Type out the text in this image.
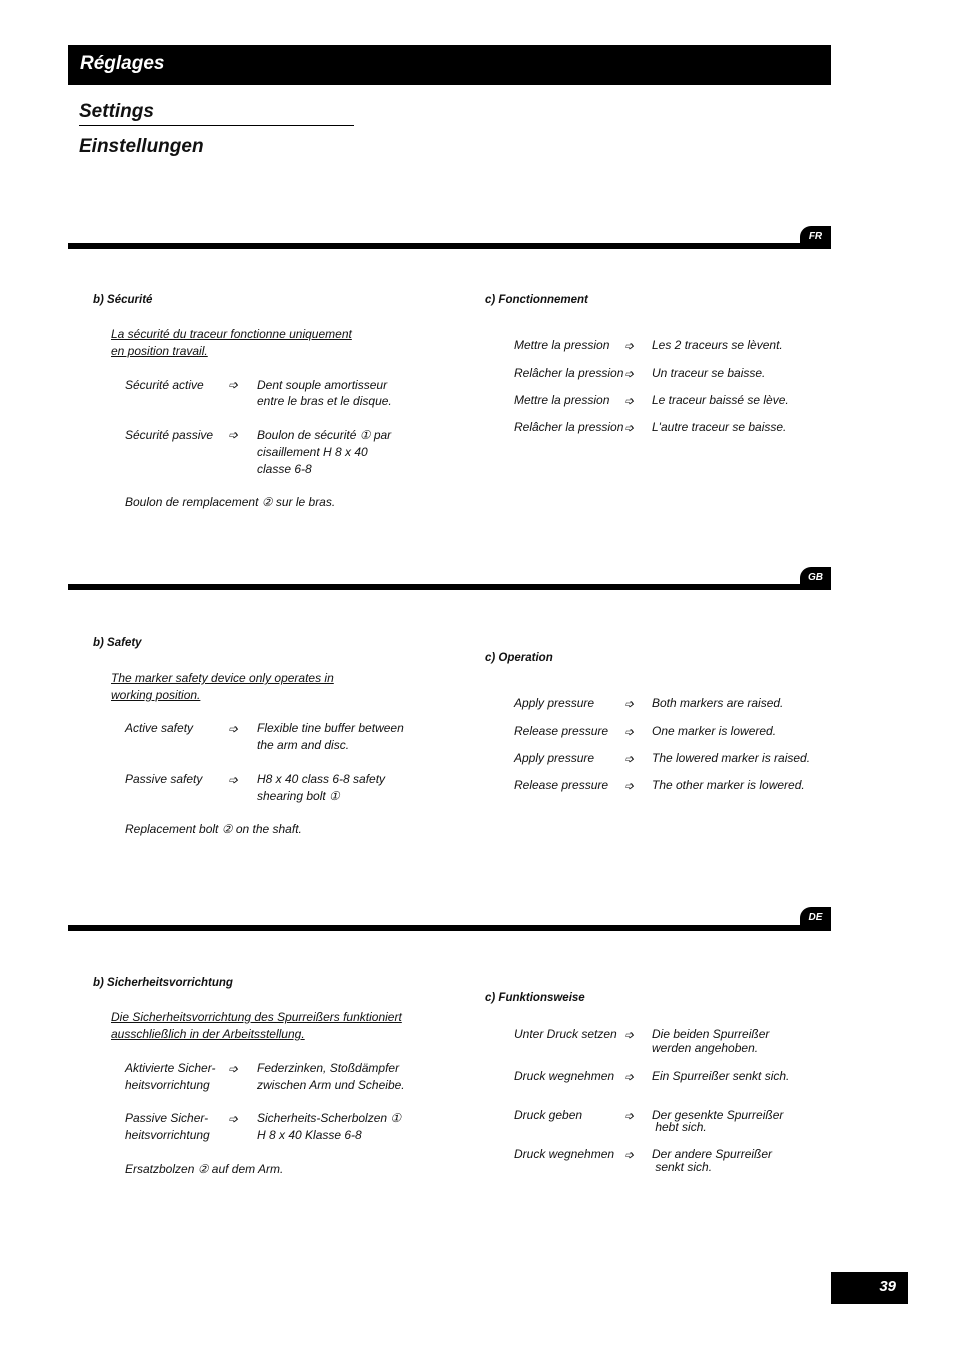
Réglages
Settings
Einstellungen
FR
b) Sécurité
La sécurité du traceur fonctionne uniquement
en position travail.
Sécurité active ➩ Dent souple amortisseur
entre le bras et le disque.
Sécurité passive ➩ Boulon de sécurité ① par
cisaillement H 8 x 40
classe 6-8
Boulon de remplacement ② sur le bras.
c) Fonctionnement
Mettre la pression ➩ Les 2 traceurs se lèvent.
Relâcher la pression ➩ Un traceur se baisse.
Mettre la pression ➩ Le traceur baissé se lève.
Relâcher la pression ➩ L'autre traceur se baisse.
GB
b) Safety
The marker safety device only operates in
working position.
Active safety	➩ Flexible tine buffer between
the arm and disc.
Passive safety ➩ H8 x 40 class 6-8 safety
shearing bolt ①
Replacement bolt ② on the shaft.
c) Operation
Apply pressure ➩ Both markers are raised.
Release pressure ➩ One marker is lowered.
Apply pressure ➩ The lowered marker is raised.
Release pressure ➩ The other marker is lowered.
DE
b) Sicherheitsvorrichtung
Die Sicherheitsvorrichtung des Spurreißers funktioniert
ausschließlich in der Arbeitsstellung.
Aktivierte Sicher-
heitsvorrichtung
➩ Federzinken, Stoßdämpfer
zwischen Arm und Scheibe.
Passive Sicher-
heitsvorrichtung
➩ Sicherheits-Scherbolzen ①
H 8 x 40 Klasse 6-8
Ersatzbolzen ② auf dem Arm.
c) Funktionsweise
Unter Druck setzen ➩ Die beiden Spurreißer
werden angehoben.
Druck wegnehmen ➩ Ein Spurreißer senkt sich.
Druck geben	➩ Der gesenkte Spurreißer
hebt sich.
Druck wegnehmen ➩ Der andere Spurreißer
senkt sich.
39
